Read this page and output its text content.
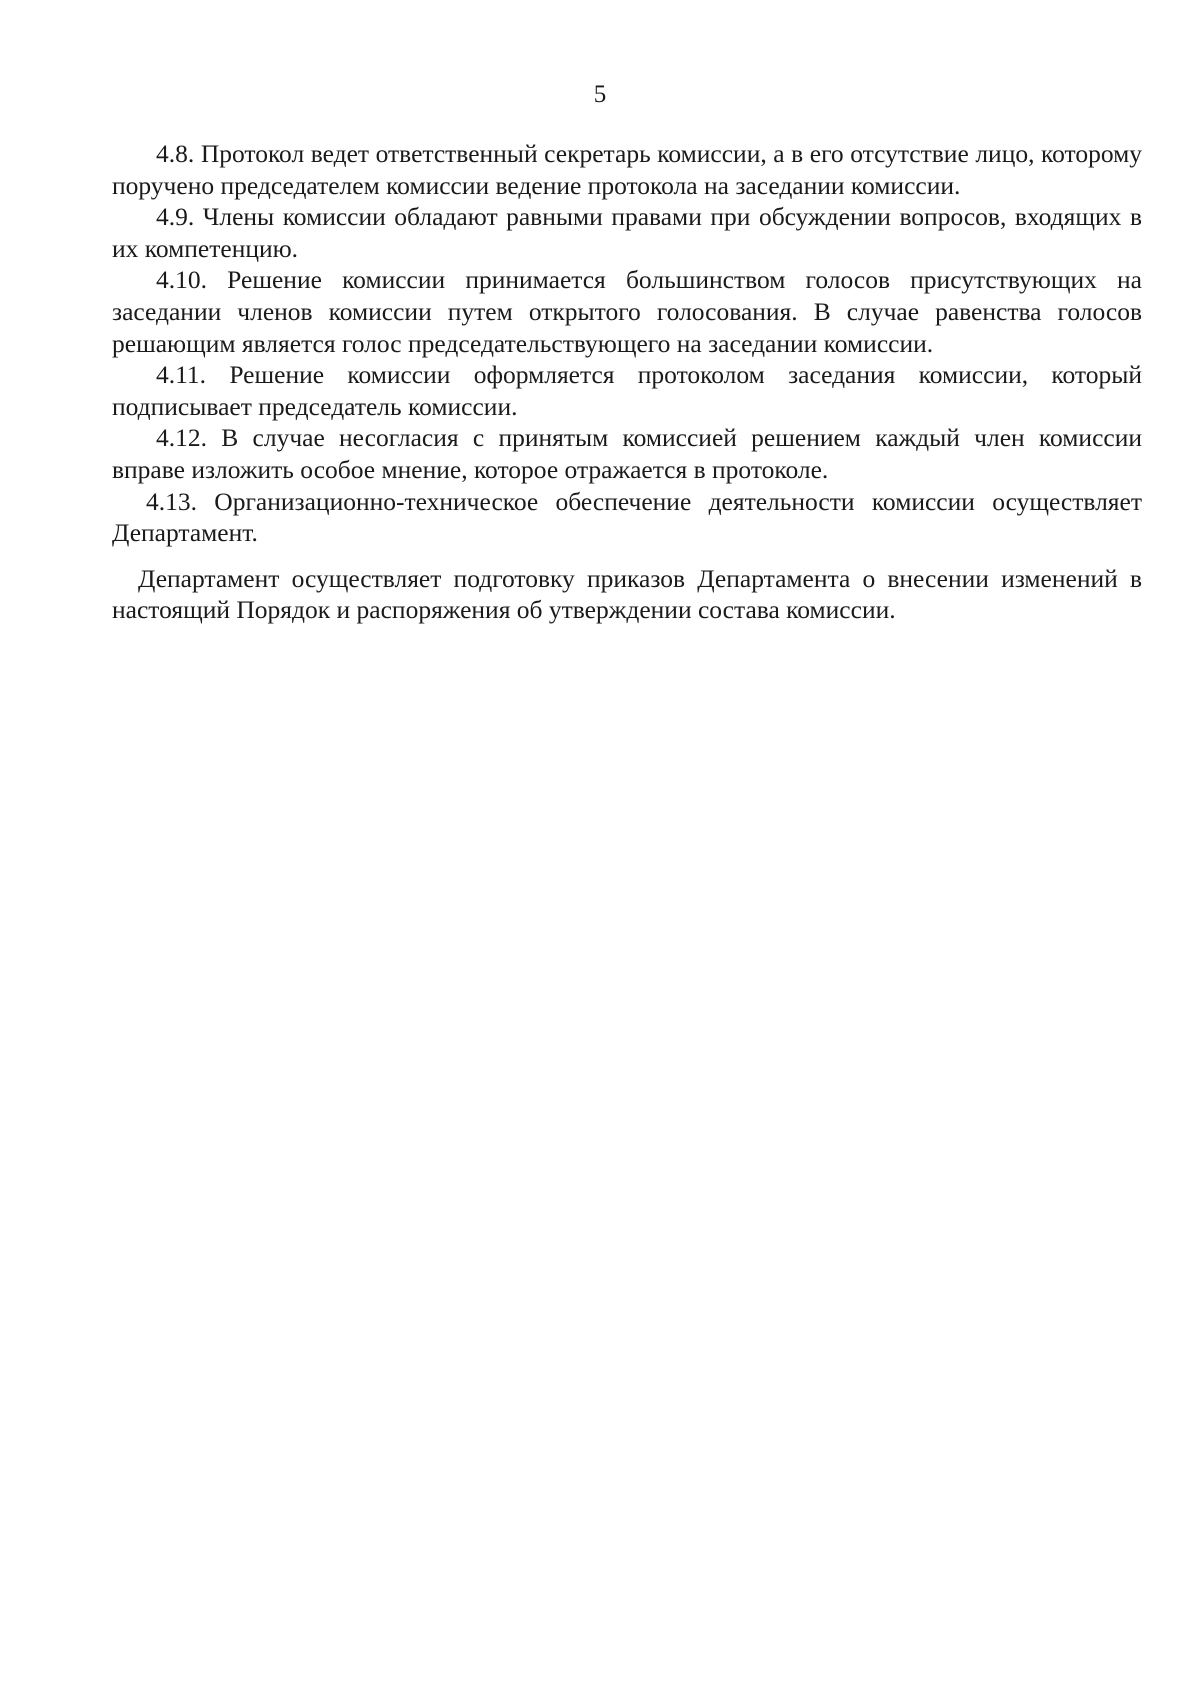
5

4.8. Протокол ведет ответственный секретарь комиссии, а в его отсутствие лицо, которому поручено председателем комиссии ведение протокола на заседании комиссии.

4.9. Члены комиссии обладают равными правами при обсуждении вопросов, входящих в их компетенцию.

4.10. Решение комиссии принимается большинством голосов присутствующих на заседании членов комиссии путем открытого голосования. В случае равенства голосов решающим является голос председательствующего на заседании комиссии.

4.11. Решение комиссии оформляется протоколом заседания комиссии, который подписывает председатель комиссии.

4.12. В случае несогласия с принятым комиссией решением каждый член комиссии вправе изложить особое мнение, которое отражается в протоколе.

4.13. Организационно-техническое обеспечение деятельности комиссии осуществляет Департамент.

Департамент осуществляет подготовку приказов Департамента о внесении изменений в настоящий Порядок и распоряжения об утверждении состава комиссии.
